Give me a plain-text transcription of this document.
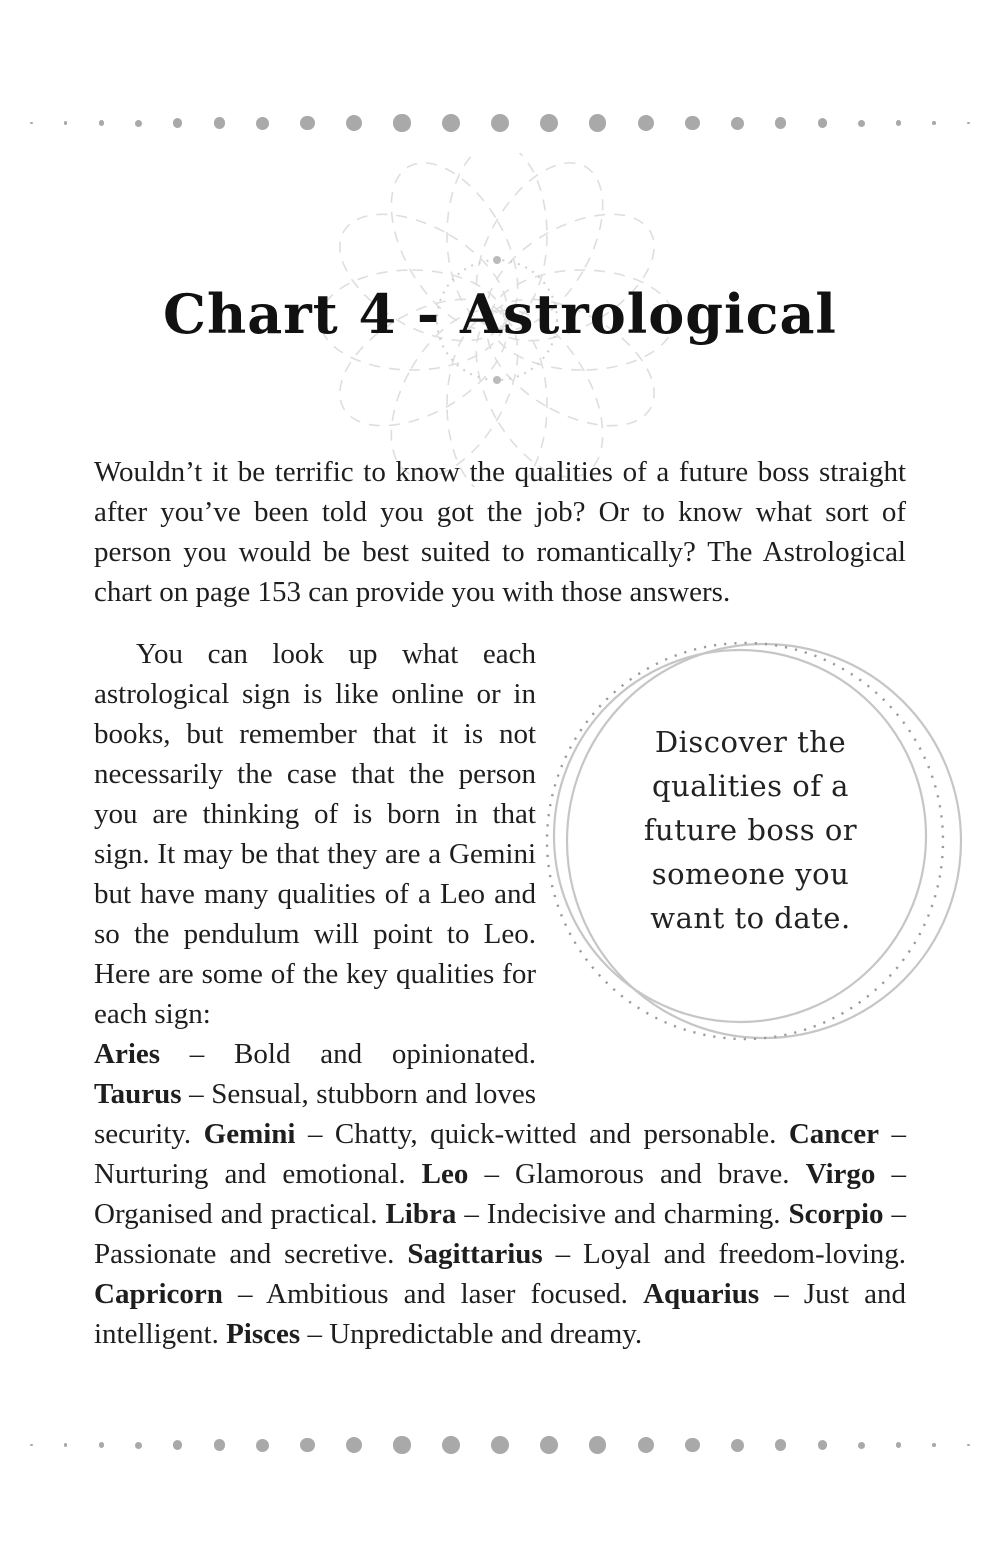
Chart 4 - Astrological

Wouldn’t it be terrific to know the qualities of a future boss straight after you’ve been told you got the job? Or to know what sort of person you would be best suited to romantically? The Astrological chart on page 153 can provide you with those answers.

Discover the
qualities of a
future boss or
someone you
want to date.

You can look up what each astrological sign is like online or in books, but remember that it is not necessarily the case that the person you are thinking of is born in that sign. It may be that they are a Gemini but have many qualities of a Leo and so the pendulum will point to Leo. Here are some of the key qualities for each sign:

Aries – Bold and opinionated. Taurus – Sensual, stubborn and loves security. Gemini – Chatty, quick-witted and personable. Cancer – Nurturing and emotional. Leo – Glamorous and brave. Virgo – Organised and practical. Libra – Indecisive and charming. Scorpio – Passionate and secretive. Sagittarius – Loyal and freedom-loving. Capricorn – Ambitious and laser focused. Aquarius – Just and intelligent. Pisces – Unpredictable and dreamy.
